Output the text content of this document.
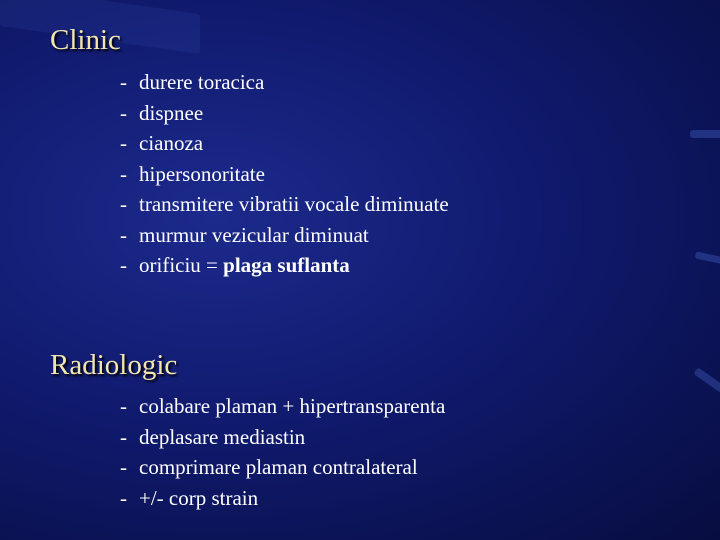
Clinic
- durere toracica
- dispnee
- cianoza
- hipersonoritate
- transmitere vibratii vocale diminuate
- murmur vezicular diminuat
- orificiu = plaga suflanta
Radiologic
- colabare plaman + hipertransparenta
- deplasare mediastin
- comprimare plaman contralateral
- +/- corp strain
